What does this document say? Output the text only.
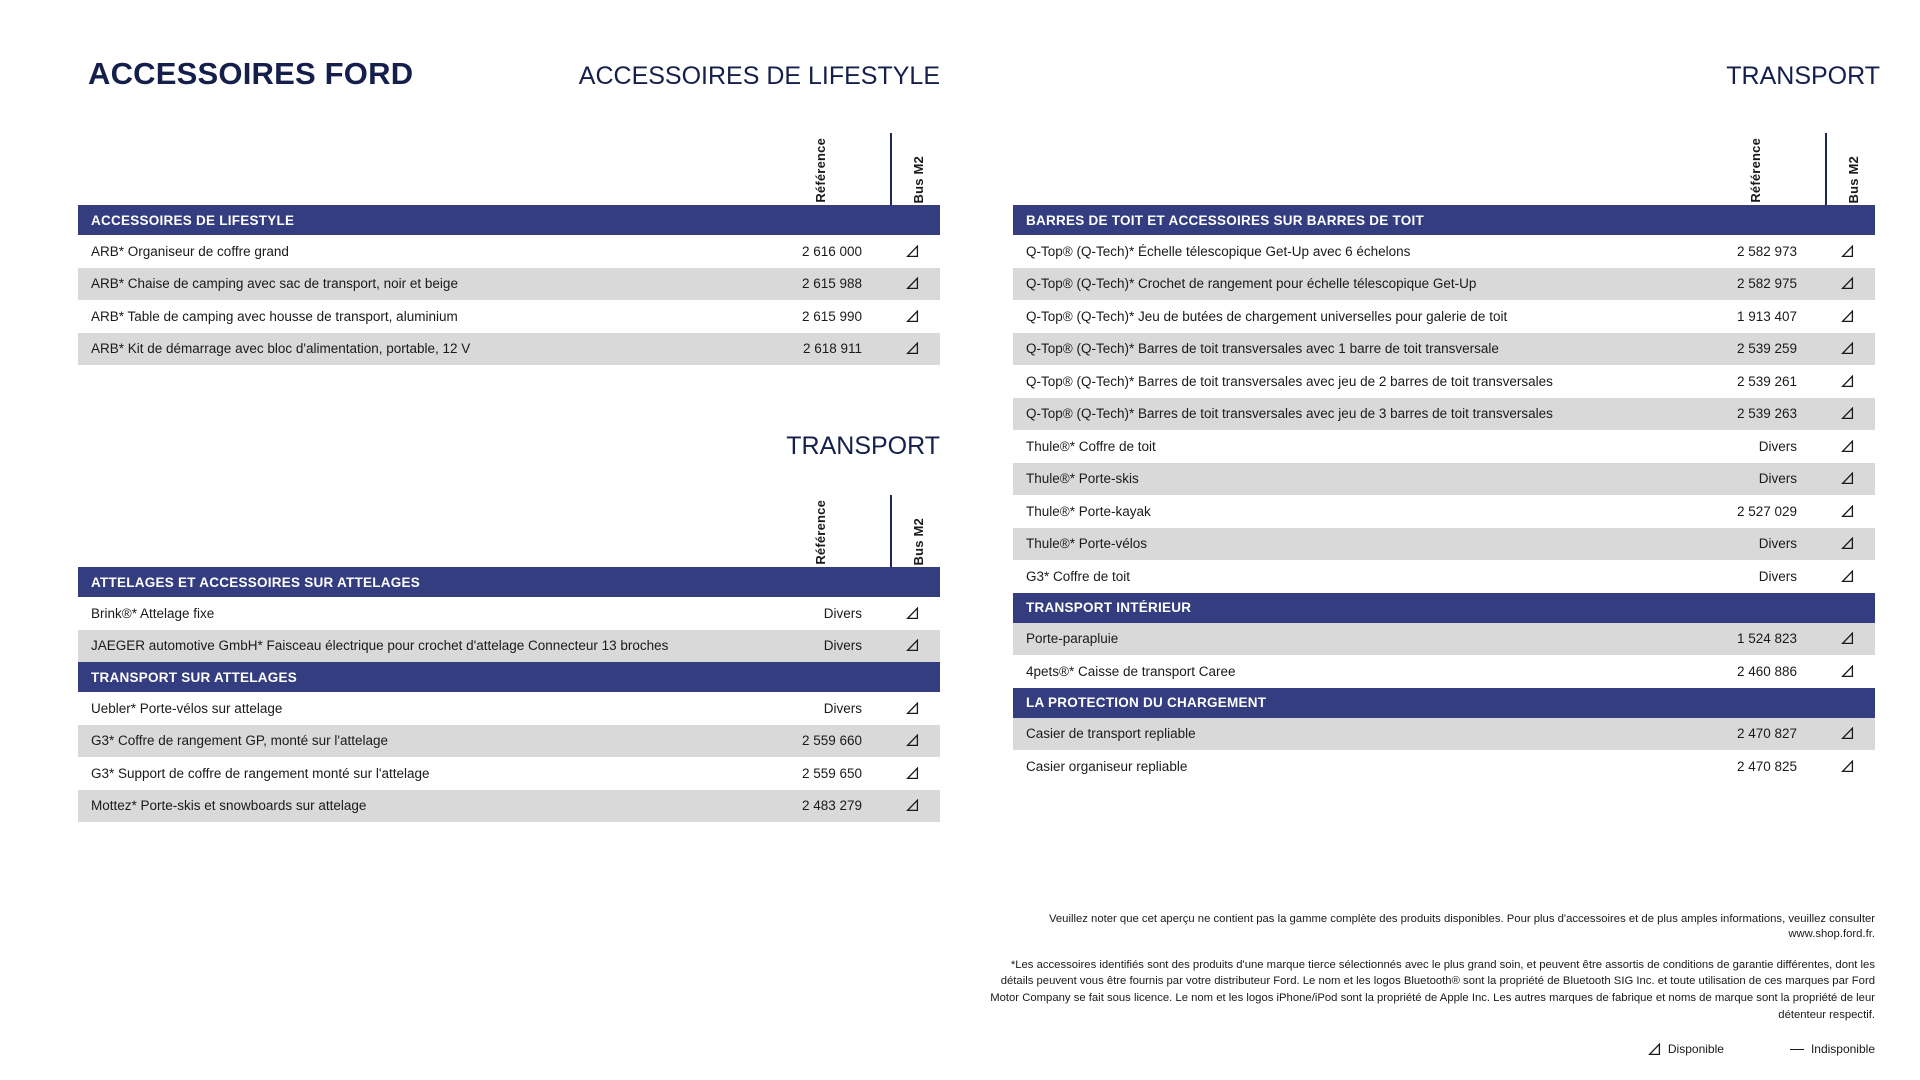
ACCESSOIRES FORD	ACCESSOIRES DE LIFESTYLE
TRANSPORT
TRANSPORT
Référence	Bus M2
ACCESSOIRES DE LIFESTYLE
ARB* Organiseur de coffre grand	2 616 000
ARB* Chaise de camping avec sac de transport, noir et beige	2 615 988
ARB* Table de camping avec housse de transport, aluminium	2 615 990
ARB* Kit de démarrage avec bloc d'alimentation, portable, 12 V	2 618 911
Référence	Bus M2
ATTELAGES ET ACCESSOIRES SUR ATTELAGES
Brink®* Attelage fixe	Divers
JAEGER automotive GmbH* Faisceau électrique pour crochet d'attelage Connecteur 13 broches	Divers
TRANSPORT SUR ATTELAGES
Uebler* Porte-vélos sur attelage	Divers
G3* Coffre de rangement GP, monté sur l'attelage	2 559 660
G3* Support de coffre de rangement monté sur l'attelage	2 559 650
Mottez* Porte-skis et snowboards sur attelage	2 483 279
Référence	Bus M2
BARRES DE TOIT ET ACCESSOIRES SUR BARRES DE TOIT
Q-Top® (Q-Tech)* Échelle télescopique Get-Up avec 6 échelons	2 582 973
Q-Top® (Q-Tech)* Crochet de rangement pour échelle télescopique Get-Up	2 582 975
Q-Top® (Q-Tech)* Jeu de butées de chargement universelles pour galerie de toit	1 913 407
Q-Top® (Q-Tech)* Barres de toit transversales avec 1 barre de toit transversale	2 539 259
Q-Top® (Q-Tech)* Barres de toit transversales avec jeu de 2 barres de toit transversales	2 539 261
Q-Top® (Q-Tech)* Barres de toit transversales avec jeu de 3 barres de toit transversales	2 539 263
Thule®* Coffre de toit	Divers
Thule®* Porte-skis	Divers
Thule®* Porte-kayak	2 527 029
Thule®* Porte-vélos	Divers
G3* Coffre de toit	Divers
TRANSPORT INTÉRIEUR
Porte-parapluie	1 524 823
4pets®* Caisse de transport Caree	2 460 886
LA PROTECTION DU CHARGEMENT
Casier de transport repliable	2 470 827
Casier organiseur repliable	2 470 825
Veuillez noter que cet aperçu ne contient pas la gamme complète des produits disponibles. Pour plus d'accessoires et de plus amples informations, veuillez consulter www.shop.ford.fr.
*Les accessoires identifiés sont des produits d'une marque tierce sélectionnés avec le plus grand soin, et peuvent être assortis de conditions de garantie différentes, dont les détails peuvent vous être fournis par votre distributeur Ford. Le nom et les logos Bluetooth® sont la propriété de Bluetooth SIG Inc. et toute utilisation de ces marques par Ford Motor Company se fait sous licence. Le nom et les logos iPhone/iPod sont la propriété de Apple Inc. Les autres marques de fabrique et noms de marque sont la propriété de leur détenteur respectif.
Disponible	Indisponible
